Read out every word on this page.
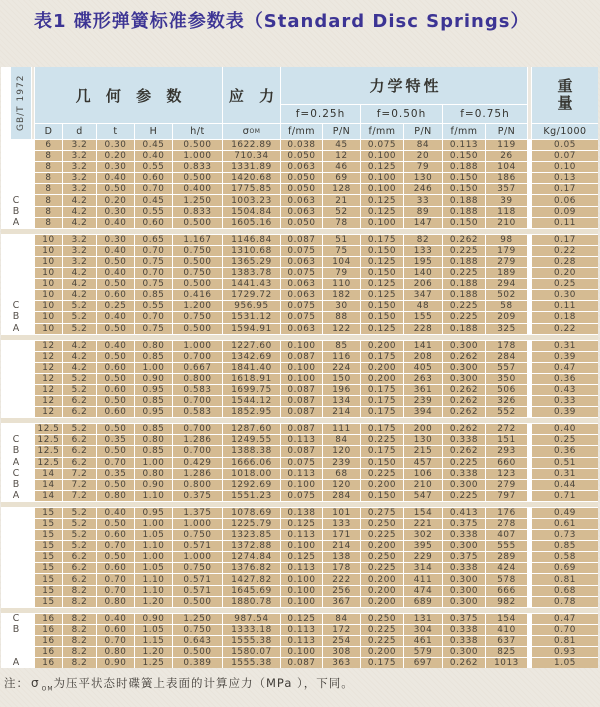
表1 碟形弹簧标准参数表（Standard Disc Springs）
GB/T 1972	几 何 参 数	应 力
力学特性	重
量
f=0.25h	f=0.50h	f=0.75h
D	d	t	H	h/t	σ OM	f/mm	P/N	f/mm	P/N	f/mm	P/N	Kg/1000
6	3.2	0.30	0.45	0.500	1622.89	0.038	45	0.075	84	0.113	119	0.05
8	3.2	0.20	0.40	1.000	710.34	0.050	12	0.100	20	0.150	26	0.07
8	3.2	0.30	0.55	0.833	1331.89	0.063	46	0.125	79	0.188	104	0.10
8	3.2	0.40	0.60	0.500	1420.68	0.050	69	0.100	130	0.150	186	0.13
8	3.2	0.50	0.70	0.400	1775.85	0.050	128	0.100	246	0.150	357	0.17
C	8	4.2	0.20	0.45	1.250	1003.23	0.063	21	0.125	33	0.188	39	0.06
B	8	4.2	0.30	0.55	0.833	1504.84	0.063	52	0.125	89	0.188	118	0.09
A	8	4.2	0.40	0.60	0.500	1605.16	0.050	78	0.100	147	0.150	210	0.11
10	3.2	0.30	0.65	1.167	1146.84	0.087	51	0.175	82	0.262	98	0.17
10	3.2	0.40	0.70	0.750	1310.68	0.075	75	0.150	133	0.225	179	0.22
10	3.2	0.50	0.75	0.500	1365.29	0.063	104	0.125	195	0.188	279	0.28
10	4.2	0.40	0.70	0.750	1383.78	0.075	79	0.150	140	0.225	189	0.20
10	4.2	0.50	0.75	0.500	1441.43	0.063	110	0.125	206	0.188	294	0.25
10	4.2	0.60	0.85	0.416	1729.72	0.063	182	0.125	347	0.188	502	0.30
C	10	5.2	0.25	0.55	1.200	956.95	0.075	30	0.150	48	0.225	58	0.11
B	10	5.2	0.40	0.70	0.750	1531.12	0.075	88	0.150	155	0.225	209	0.18
A	10	5.2	0.50	0.75	0.500	1594.91	0.063	122	0.125	228	0.188	325	0.22
12	4.2	0.40	0.80	1.000	1227.60	0.100	85	0.200	141	0.300	178	0.31
12	4.2	0.50	0.85	0.700	1342.69	0.087	116	0.175	208	0.262	284	0.39
12	4.2	0.60	1.00	0.667	1841.40	0.100	224	0.200	405	0.300	557	0.47
12	5.2	0.50	0.90	0.800	1618.91	0.100	150	0.200	263	0.300	350	0.36
12	5.2	0.60	0.95	0.583	1699.75	0.087	196	0.175	361	0.262	506	0.43
12	6.2	0.50	0.85	0.700	1544.12	0.087	134	0.175	239	0.262	326	0.33
12	6.2	0.60	0.95	0.583	1852.95	0.087	214	0.175	394	0.262	552	0.39
12.5	5.2	0.50	0.85	0.700	1287.60	0.087	111	0.175	200	0.262	272	0.40
C	12.5	6.2	0.35	0.80	1.286	1249.55	0.113	84	0.225	130	0.338	151	0.25
B	12.5	6.2	0.50	0.85	0.700	1388.38	0.087	120	0.175	215	0.262	293	0.36
A	12.5	6.2	0.70	1.00	0.429	1666.06	0.075	239	0.150	457	0.225	660	0.51
C	14	7.2	0.35	0.80	1.286	1018.00	0.113	68	0.225	106	0.338	123	0.31
B	14	7.2	0.50	0.90	0.800	1292.69	0.100	120	0.200	210	0.300	279	0.44
A	14	7.2	0.80	1.10	0.375	1551.23	0.075	284	0.150	547	0.225	797	0.71
15	5.2	0.40	0.95	1.375	1078.69	0.138	101	0.275	154	0.413	176	0.49
15	5.2	0.50	1.00	1.000	1225.79	0.125	133	0.250	221	0.375	278	0.61
15	5.2	0.60	1.05	0.750	1323.85	0.113	171	0.225	302	0.338	407	0.73
15	5.2	0.70	1.10	0.571	1372.88	0.100	214	0.200	395	0.300	555	0.85
15	6.2	0.50	1.00	1.000	1274.84	0.125	138	0.250	229	0.375	289	0.58
15	6.2	0.60	1.05	0.750	1376.82	0.113	178	0.225	314	0.338	424	0.69
15	6.2	0.70	1.10	0.571	1427.82	0.100	222	0.200	411	0.300	578	0.81
15	8.2	0.70	1.10	0.571	1645.69	0.100	256	0.200	474	0.300	666	0.68
15	8.2	0.80	1.20	0.500	1880.78	0.100	367	0.200	689	0.300	982	0.78
C	16	8.2	0.40	0.90	1.250	987.54	0.125	84	0.250	131	0.375	154	0.47
B	16	8.2	0.60	1.05	0.750	1333.18	0.113	172	0.225	304	0.338	410	0.70
16	8.2	0.70	1.15	0.643	1555.38	0.113	254	0.225	461	0.338	637	0.81
16	8.2	0.80	1.20	0.500	1580.07	0.100	308	0.200	579	0.300	825	0.93
A	16	8.2	0.90	1.25	0.389	1555.38	0.087	363	0.175	697	0.262	1013	1.05
注： σ $_{OM}$为压平状态时碟簧上表面的计算应力（MPa ），下同。
